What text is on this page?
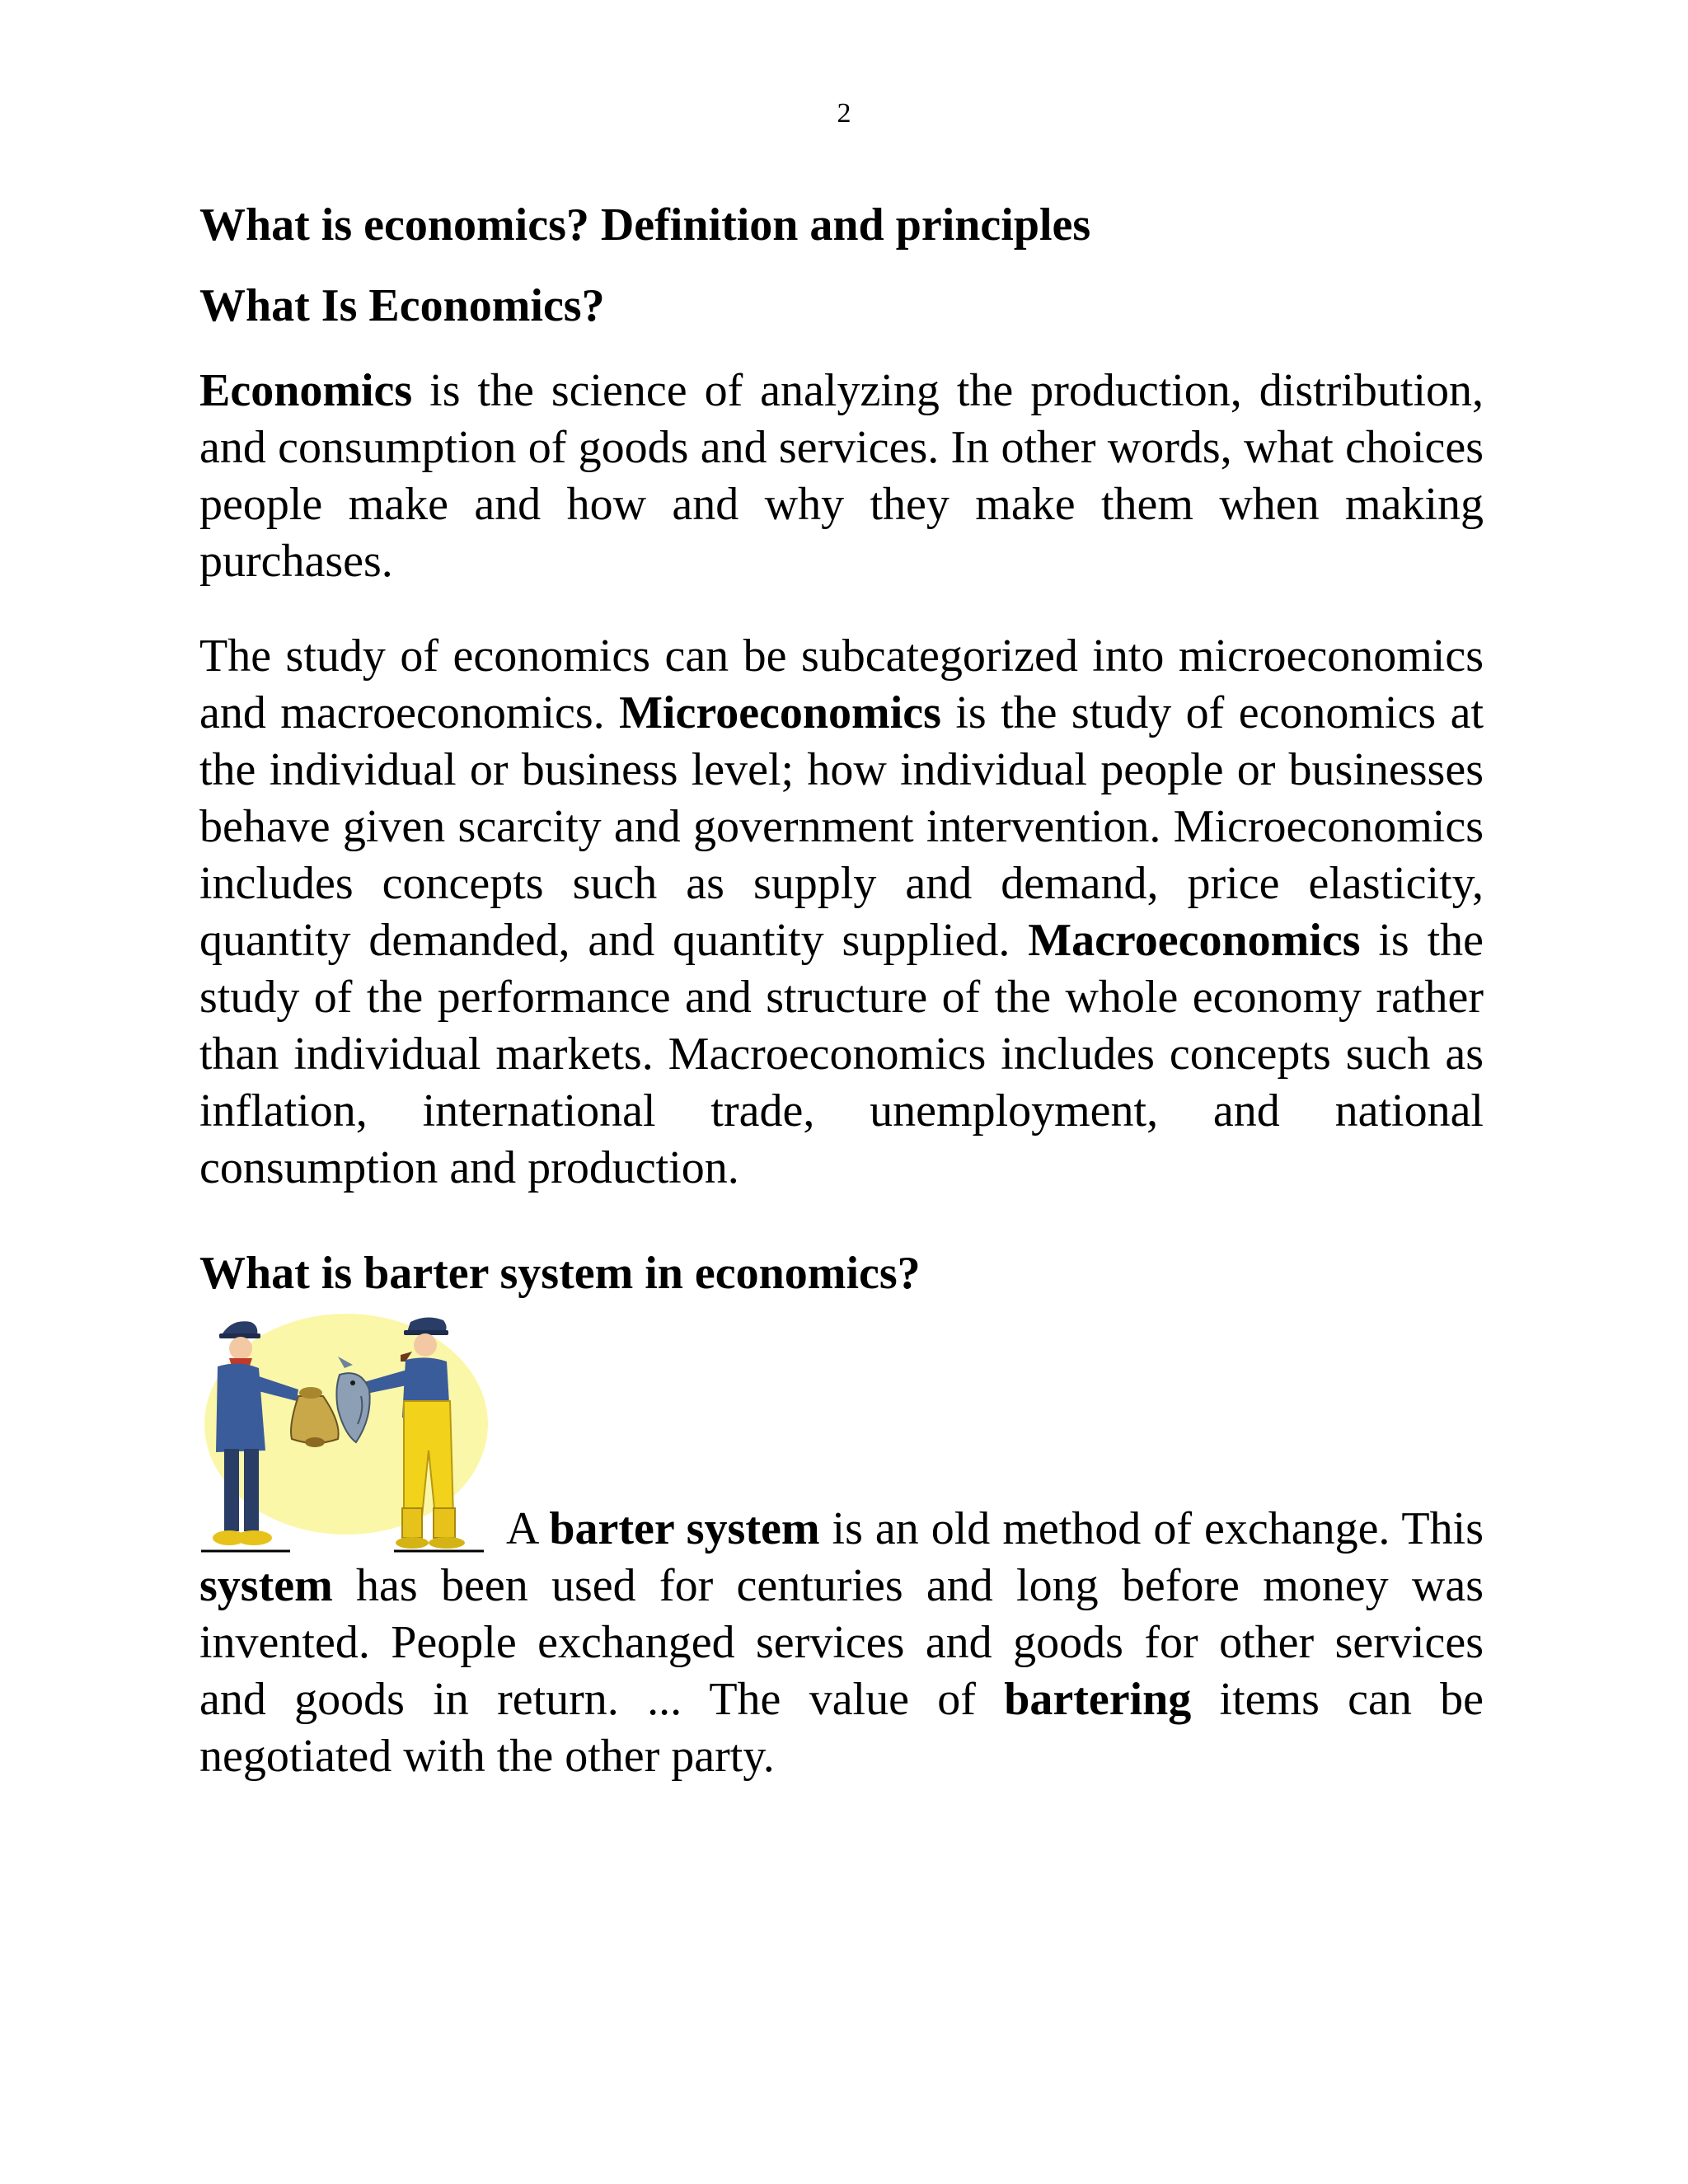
2
What is economics? Definition and principles
What Is Economics?

Economics is the science of analyzing the production, distribution, and consumption of goods and services. In other words, what choices people make and how and why they make them when making purchases.

The study of economics can be subcategorized into microeconomics and macroeconomics. Microeconomics is the study of economics at the individual or business level; how individual people or businesses behave given scarcity and government intervention. Microeconomics includes concepts such as supply and demand, price elasticity, quantity demanded, and quantity supplied. Macroeconomics is the study of the performance and structure of the whole economy rather than individual markets. Macroeconomics includes concepts such as inflation, international trade, unemployment, and national consumption and production.

What is barter system in economics?

A barter system is an old method of exchange. This system has been used for centuries and long before money was invented. People exchanged services and goods for other services and goods in return. ... The value of bartering items can be negotiated with the other party.
